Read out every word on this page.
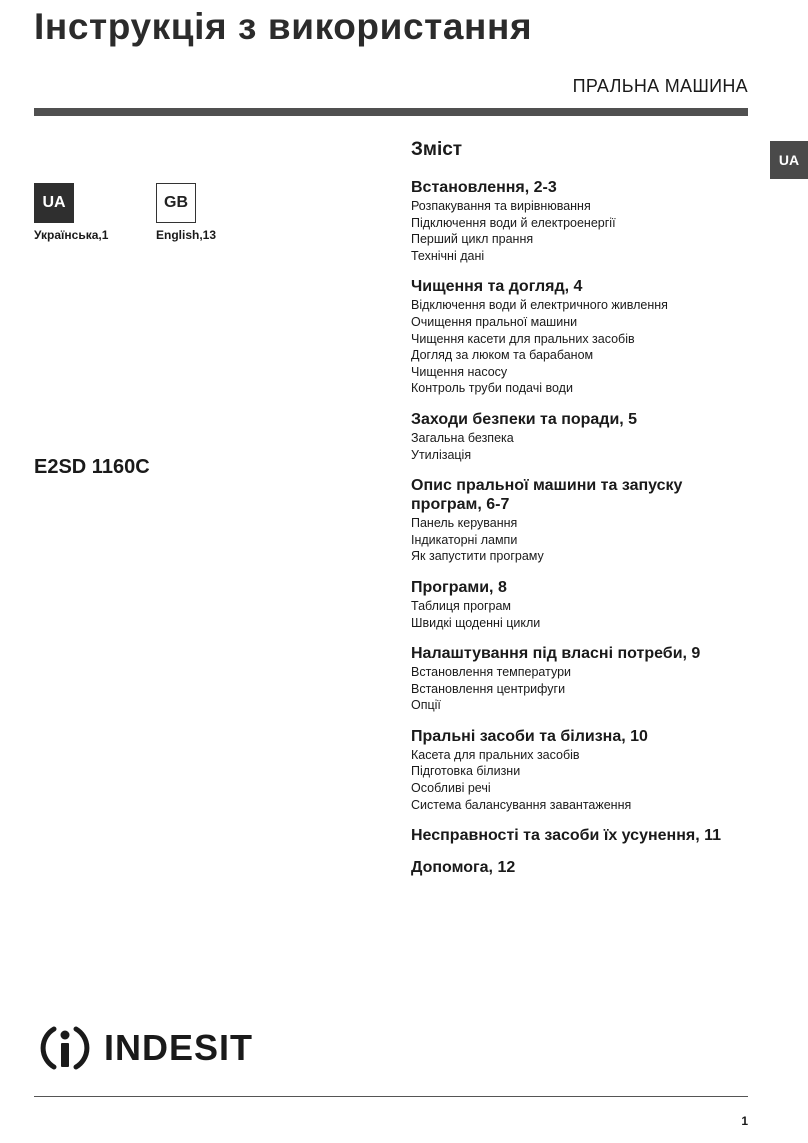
Інструкція з використання
ПРАЛЬНА МАШИНА
UA
UA	GB
Українська,1	English,13
E2SD 1160C
Зміст
Встановлення, 2-3
Розпакування та вирівнювання
Підключення води й електроенергії
Перший цикл прання
Технічні дані
Чищення та догляд, 4
Відключення води й електричного живлення
Очищення пральної машини
Чищення касети для пральних засобів
Догляд за люком та барабаном
Чищення насосу
Контроль труби подачі води
Заходи безпеки та поради, 5
Загальна безпека
Утилізація
Опис пральної машини та запуску програм, 6-7
Панель керування
Індикаторні лампи
Як запустити програму
Програми, 8
Таблиця програм
Швидкі щоденні цикли
Налаштування під власні потреби, 9
Встановлення температури
Встановлення центрифуги
Опції
Пральні засоби та білизна, 10
Касета для пральних засобів
Підготовка білизни
Особливі речі
Система балансування завантаження
Несправності та засоби їх усунення, 11
Допомога, 12
INDESIT
1
